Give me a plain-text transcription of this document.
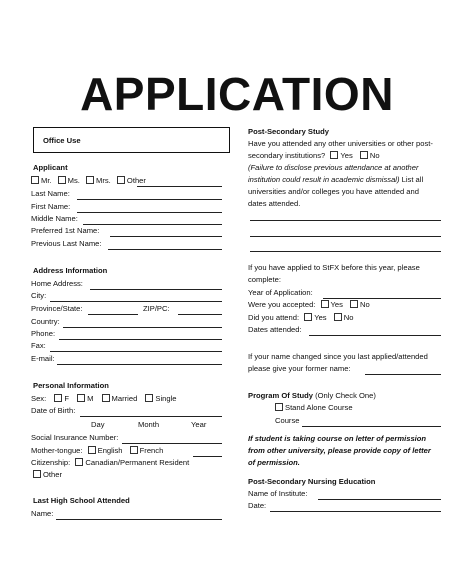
APPLICATION
Office Use
Applicant
Mr. Ms. Mrs. Other
Last Name:
First Name:
Middle Name:
Preferred 1st Name:
Previous Last Name:
Address Information
Home Address:
City:
Province/State:	ZIP/PC:
Country:
Phone:
Fax:
E-mail:
Personal Information
Sex: F M Married Single
Date of Birth:
Day	Month	Year
Social Insurance Number:
Mother-tongue: English French
Citizenship: Canadian/Permanent Resident
Other
Last High School Attended
Name:
Post-Secondary Study
Have you attended any other universities or other post-
secondary institutions? Yes No
(Failure to disclose previous attendance at another
institution could result in academic dismissal) List all
universities and/or colleges you have attended and
dates attended.
If you have applied to StFX before this year, please
complete:
Year of Application:
Were you accepted: Yes No
Did you attend: Yes No
Dates attended:
If your name changed since you last applied/attended
please give your former name:
Program Of Study (Only Check One)
Stand Alone Course
Course
If student is taking course on letter of permission
from other university, please provide copy of letter
of permission.
Post-Secondary Nursing Education
Name of Institute:
Date:
